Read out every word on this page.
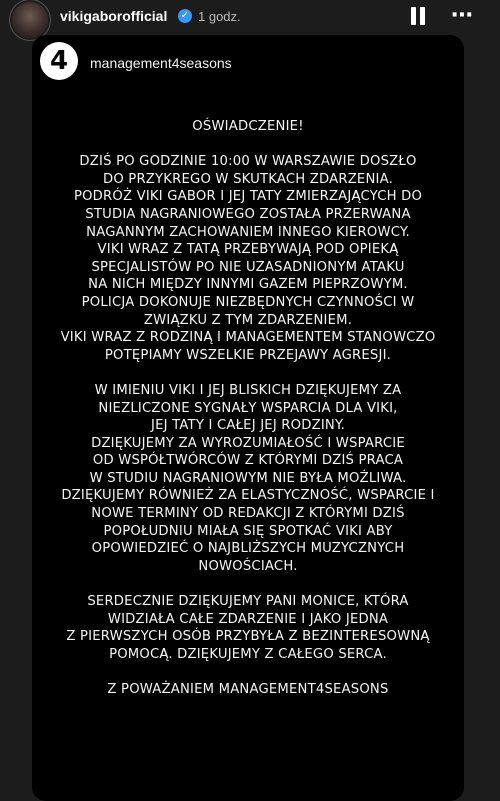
vikigaborofficial ✓ 1 godz.	⋯
4	management4seasons
OŚWIADCZENIE!
DZIŚ PO GODZINIE 10:00 W WARSZAWIE DOSZŁO
DO PRZYKREGO W SKUTKACH ZDARZENIA.
PODRÓŻ VIKI GABOR I JEJ TATY ZMIERZAJĄCYCH DO
STUDIA NAGRANIOWEGO ZOSTAŁA PRZERWANA
NAGANNYM ZACHOWANIEM INNEGO KIEROWCY.
VIKI WRAZ Z TATĄ PRZEBYWAJĄ POD OPIEKĄ
SPECJALISTÓW PO NIE UZASADNIONYM ATAKU
NA NICH MIĘDZY INNYMI GAZEM PIEPRZOWYM.
POLICJA DOKONUJE NIEZBĘDNYCH CZYNNOŚCI W
ZWIĄZKU Z TYM ZDARZENIEM.
VIKI WRAZ Z RODZINĄ I MANAGEMENTEM STANOWCZO
POTĘPIAMY WSZELKIE PRZEJAWY AGRESJI.
W IMIENIU VIKI I JEJ BLISKICH DZIĘKUJEMY ZA
NIEZLICZONE SYGNAŁY WSPARCIA DLA VIKI,
JEJ TATY I CAŁEJ JEJ RODZINY.
DZIĘKUJEMY ZA WYROZUMIAŁOŚĆ I WSPARCIE
OD WSPÓŁTWÓRCÓW Z KTÓRYMI DZIŚ PRACA
W STUDIU NAGRANIOWYM NIE BYŁA MOŻLIWA.
DZIĘKUJEMY RÓWNIEŻ ZA ELASTYCZNOŚĆ, WSPARCIE I
NOWE TERMINY OD REDAKCJI Z KTÓRYMI DZIŚ
POPOŁUDNIU MIAŁA SIĘ SPOTKAĆ VIKI ABY
OPOWIEDZIEĆ O NAJBLIŻSZYCH MUZYCZNYCH
NOWOŚCIACH.
SERDECZNIE DZIĘKUJEMY PANI MONICE, KTÓRA
WIDZIAŁA CAŁE ZDARZENIE I JAKO JEDNA
Z PIERWSZYCH OSÓB PRZYBYŁA Z BEZINTERESOWNĄ
POMOCĄ. DZIĘKUJEMY Z CAŁEGO SERCA.
Z POWAŻANIEM MANAGEMENT4SEASONS
